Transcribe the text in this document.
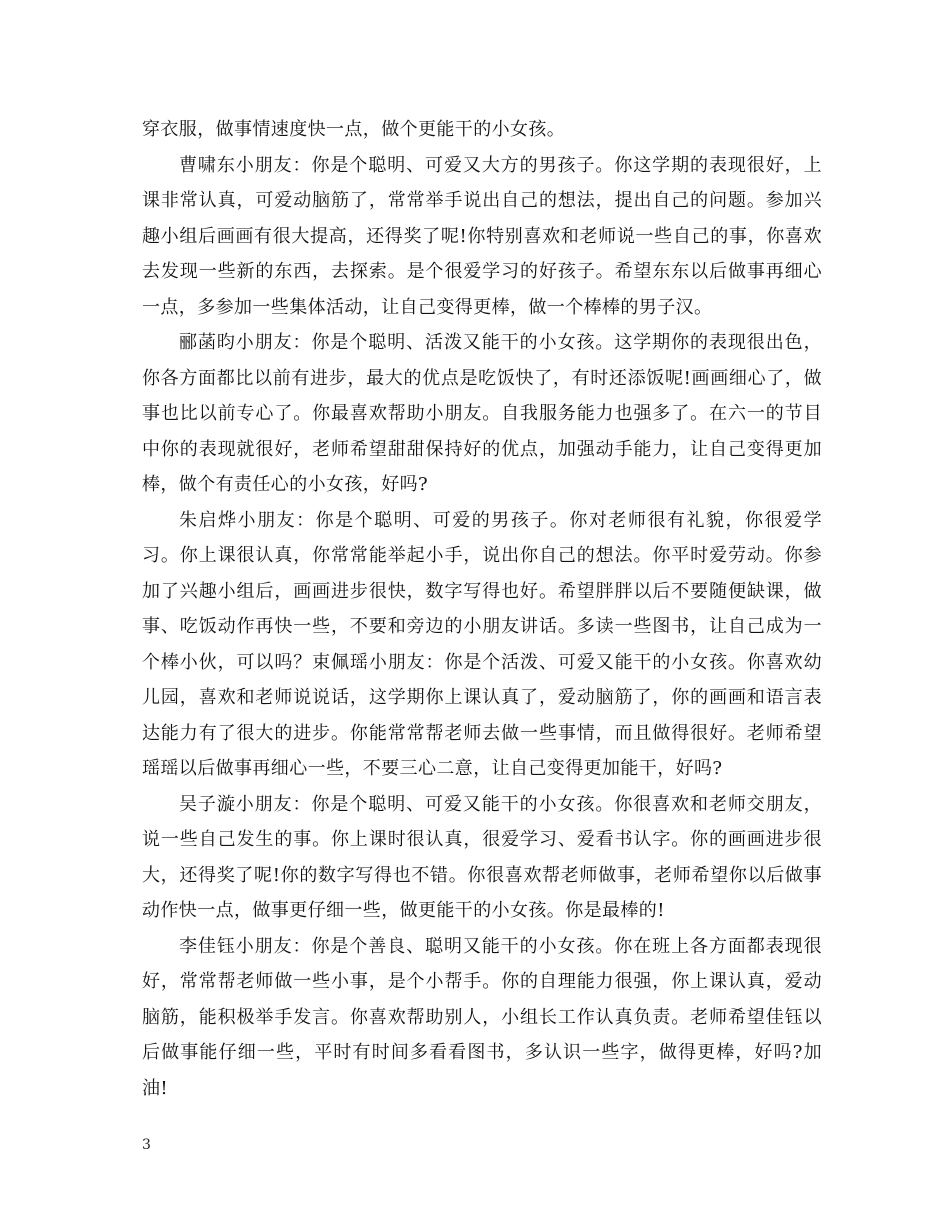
穿衣服，做事情速度快一点，做个更能干的小女孩。

曹啸东小朋友：你是个聪明、可爱又大方的男孩子。你这学期的表现很好，上课非常认真，可爱动脑筋了，常常举手说出自己的想法，提出自己的问题。参加兴趣小组后画画有很大提高，还得奖了呢!你特别喜欢和老师说一些自己的事，你喜欢去发现一些新的东西，去探索。是个很爱学习的好孩子。希望东东以后做事再细心一点，多参加一些集体活动，让自己变得更棒，做一个棒棒的男子汉。

郦菡昀小朋友：你是个聪明、活泼又能干的小女孩。这学期你的表现很出色，你各方面都比以前有进步，最大的优点是吃饭快了，有时还添饭呢!画画细心了，做事也比以前专心了。你最喜欢帮助小朋友。自我服务能力也强多了。在六一的节目中你的表现就很好，老师希望甜甜保持好的优点，加强动手能力，让自己变得更加棒，做个有责任心的小女孩，好吗?

朱启烨小朋友：你是个聪明、可爱的男孩子。你对老师很有礼貌，你很爱学习。你上课很认真，你常常能举起小手，说出你自己的想法。你平时爱劳动。你参加了兴趣小组后，画画进步很快，数字写得也好。希望胖胖以后不要随便缺课，做事、吃饭动作再快一些，不要和旁边的小朋友讲话。多读一些图书，让自己成为一个棒小伙，可以吗？束佩瑶小朋友：你是个活泼、可爱又能干的小女孩。你喜欢幼儿园，喜欢和老师说说话，这学期你上课认真了，爱动脑筋了，你的画画和语言表达能力有了很大的进步。你能常常帮老师去做一些事情，而且做得很好。老师希望瑶瑶以后做事再细心一些，不要三心二意，让自己变得更加能干，好吗?

吴子漩小朋友：你是个聪明、可爱又能干的小女孩。你很喜欢和老师交朋友，说一些自己发生的事。你上课时很认真，很爱学习、爱看书认字。你的画画进步很大，还得奖了呢!你的数字写得也不错。你很喜欢帮老师做事，老师希望你以后做事动作快一点，做事更仔细一些，做更能干的小女孩。你是最棒的!

李佳钰小朋友：你是个善良、聪明又能干的小女孩。你在班上各方面都表现很好，常常帮老师做一些小事，是个小帮手。你的自理能力很强，你上课认真，爱动脑筋，能积极举手发言。你喜欢帮助别人，小组长工作认真负责。老师希望佳钰以后做事能仔细一些，平时有时间多看看图书，多认识一些字，做得更棒，好吗?加油!

3
